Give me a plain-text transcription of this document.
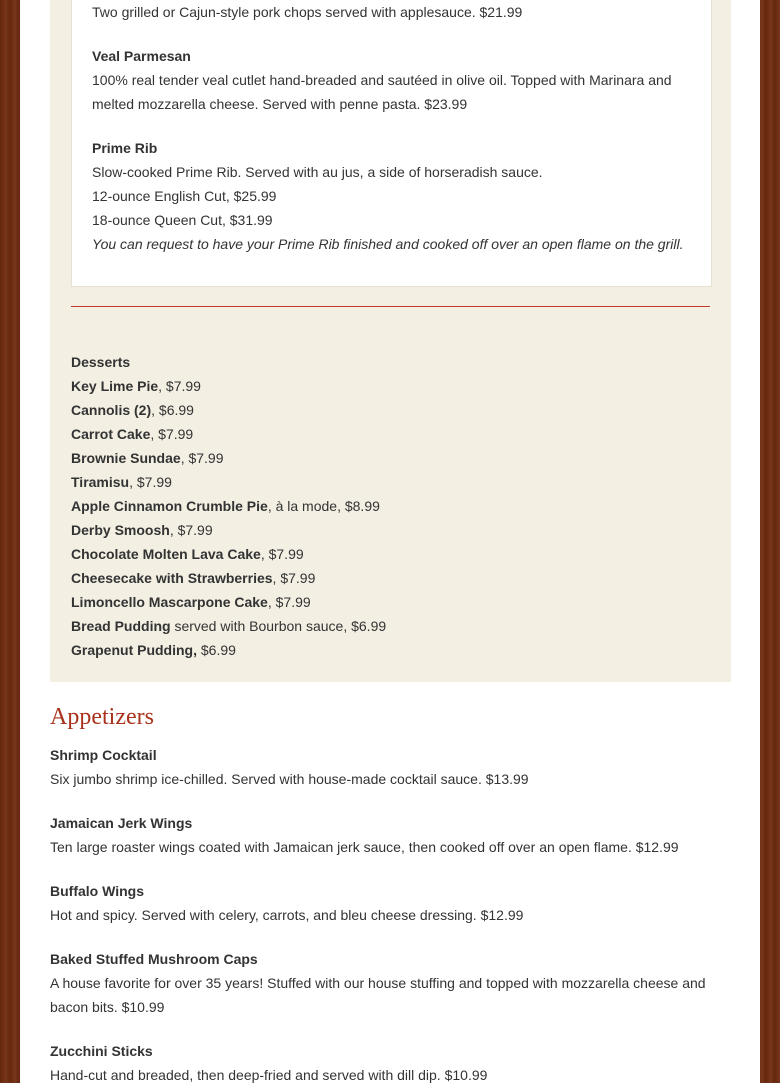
Two grilled or Cajun-style pork chops served with applesauce. $21.99

Veal Parmesan

100% real tender veal cutlet hand-breaded and sautéed in olive oil. Topped with Marinara and melted mozzarella cheese. Served with penne pasta. $23.99

Prime Rib

Slow-cooked Prime Rib. Served with au jus, a side of horseradish sauce.

12-ounce English Cut, $25.99

18-ounce Queen Cut, $31.99

You can request to have your Prime Rib finished and cooked off over an open flame on the grill.

Desserts

Key Lime Pie, $7.99

Cannolis (2), $6.99

Carrot Cake, $7.99

Brownie Sundae, $7.99

Tiramisu, $7.99

Apple Cinnamon Crumble Pie, à la mode, $8.99

Derby Smoosh, $7.99

Chocolate Molten Lava Cake, $7.99

Cheesecake with Strawberries, $7.99

Limoncello Mascarpone Cake, $7.99

Bread Pudding served with Bourbon sauce, $6.99

Grapenut Pudding, $6.99

Appetizers

Shrimp Cocktail

Six jumbo shrimp ice-chilled. Served with house-made cocktail sauce. $13.99

Jamaican Jerk Wings

Ten large roaster wings coated with Jamaican jerk sauce, then cooked off over an open flame. $12.99

Buffalo Wings

Hot and spicy. Served with celery, carrots, and bleu cheese dressing. $12.99

Baked Stuffed Mushroom Caps

A house favorite for over 35 years! Stuffed with our house stuffing and topped with mozzarella cheese and bacon bits. $10.99

Zucchini Sticks

Hand-cut and breaded, then deep-fried and served with dill dip. $10.99
